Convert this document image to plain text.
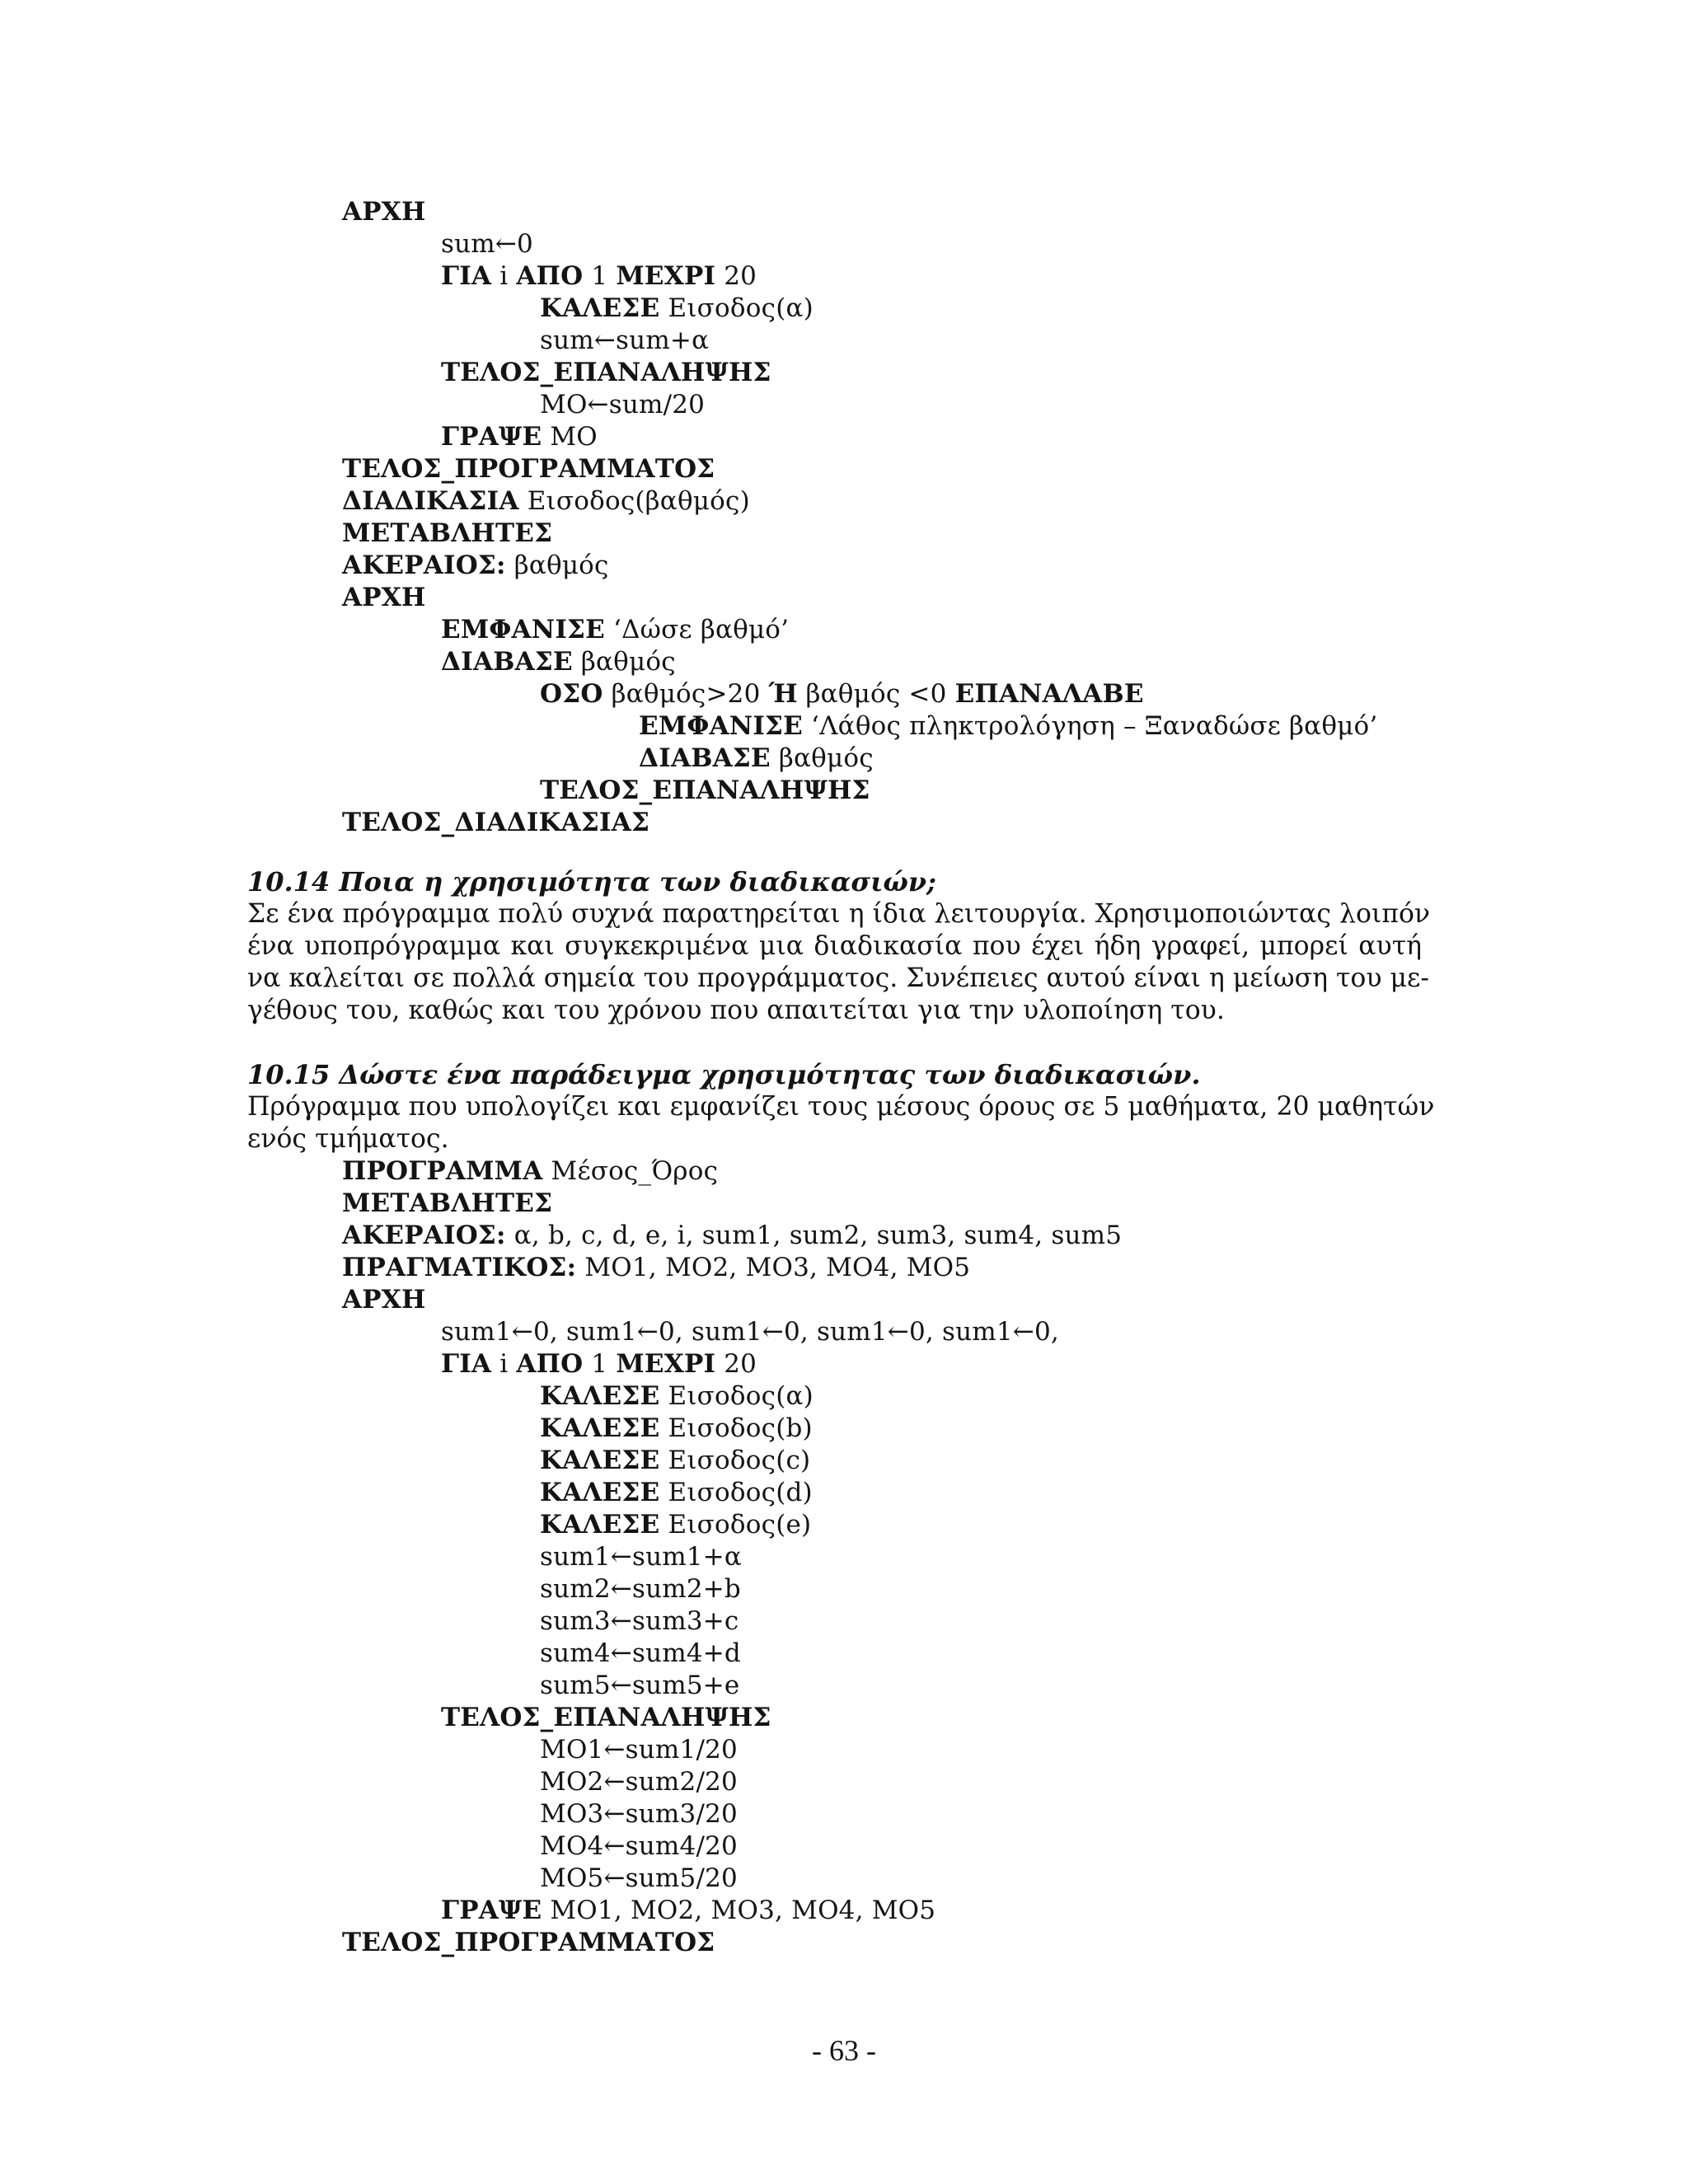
ΑΡΧΗ
sum←0
ΓΙΑ i ΑΠΟ 1 ΜΕΧΡΙ 20
ΚΑΛΕΣΕ Εισοδος(α)
sum←sum+α
ΤΕΛΟΣ_ΕΠΑΝΑΛΗΨΗΣ
ΜΟ←sum/20
ΓΡΑΨΕ ΜΟ
ΤΕΛΟΣ_ΠΡΟΓΡΑΜΜΑΤΟΣ
ΔΙΑΔΙΚΑΣΙΑ Εισοδος(βαθμός)
ΜΕΤΑΒΛΗΤΕΣ
ΑΚΕΡΑΙΟΣ: βαθμός
ΑΡΧΗ
ΕΜΦΑΝΙΣΕ ‘Δώσε βαθμό’
ΔΙΑΒΑΣΕ βαθμός
ΟΣΟ βαθμός>20 Ή βαθμός <0 ΕΠΑΝΑΛΑΒΕ
ΕΜΦΑΝΙΣΕ ‘Λάθος πληκτρολόγηση – Ξαναδώσε βαθμό’
ΔΙΑΒΑΣΕ βαθμός
ΤΕΛΟΣ_ΕΠΑΝΑΛΗΨΗΣ
ΤΕΛΟΣ_ΔΙΑΔΙΚΑΣΙΑΣ
10.14 Ποια η χρησιμότητα των διαδικασιών;
Σε ένα πρόγραμμα πολύ συχνά παρατηρείται η ίδια λειτουργία. Χρησιμοποιώντας λοιπόν
ένα υποπρόγραμμα και συγκεκριμένα μια διαδικασία που έχει ήδη γραφεί, μπορεί αυτή
να καλείται σε πολλά σημεία του προγράμματος. Συνέπειες αυτού είναι η μείωση του με-
γέθους του, καθώς και του χρόνου που απαιτείται για την υλοποίηση του.
10.15 Δώστε ένα παράδειγμα χρησιμότητας των διαδικασιών.
Πρόγραμμα που υπολογίζει και εμφανίζει τους μέσους όρους σε 5 μαθήματα, 20 μαθητών
ενός τμήματος.
ΠΡΟΓΡΑΜΜΑ Μέσος_Όρος
ΜΕΤΑΒΛΗΤΕΣ
ΑΚΕΡΑΙΟΣ: α, b, c, d, e, i, sum1, sum2, sum3, sum4, sum5
ΠΡΑΓΜΑΤΙΚΟΣ: ΜΟ1, ΜΟ2, ΜΟ3, ΜΟ4, ΜΟ5
ΑΡΧΗ
sum1←0, sum1←0, sum1←0, sum1←0, sum1←0,
ΓΙΑ i ΑΠΟ 1 ΜΕΧΡΙ 20
ΚΑΛΕΣΕ Εισοδος(α)
ΚΑΛΕΣΕ Εισοδος(b)
ΚΑΛΕΣΕ Εισοδος(c)
ΚΑΛΕΣΕ Εισοδος(d)
ΚΑΛΕΣΕ Εισοδος(e)
sum1←sum1+α
sum2←sum2+b
sum3←sum3+c
sum4←sum4+d
sum5←sum5+e
ΤΕΛΟΣ_ΕΠΑΝΑΛΗΨΗΣ
ΜΟ1←sum1/20
ΜΟ2←sum2/20
ΜΟ3←sum3/20
ΜΟ4←sum4/20
ΜΟ5←sum5/20
ΓΡΑΨΕ ΜΟ1, ΜΟ2, ΜΟ3, ΜΟ4, ΜΟ5
ΤΕΛΟΣ_ΠΡΟΓΡΑΜΜΑΤΟΣ
- 63 -
